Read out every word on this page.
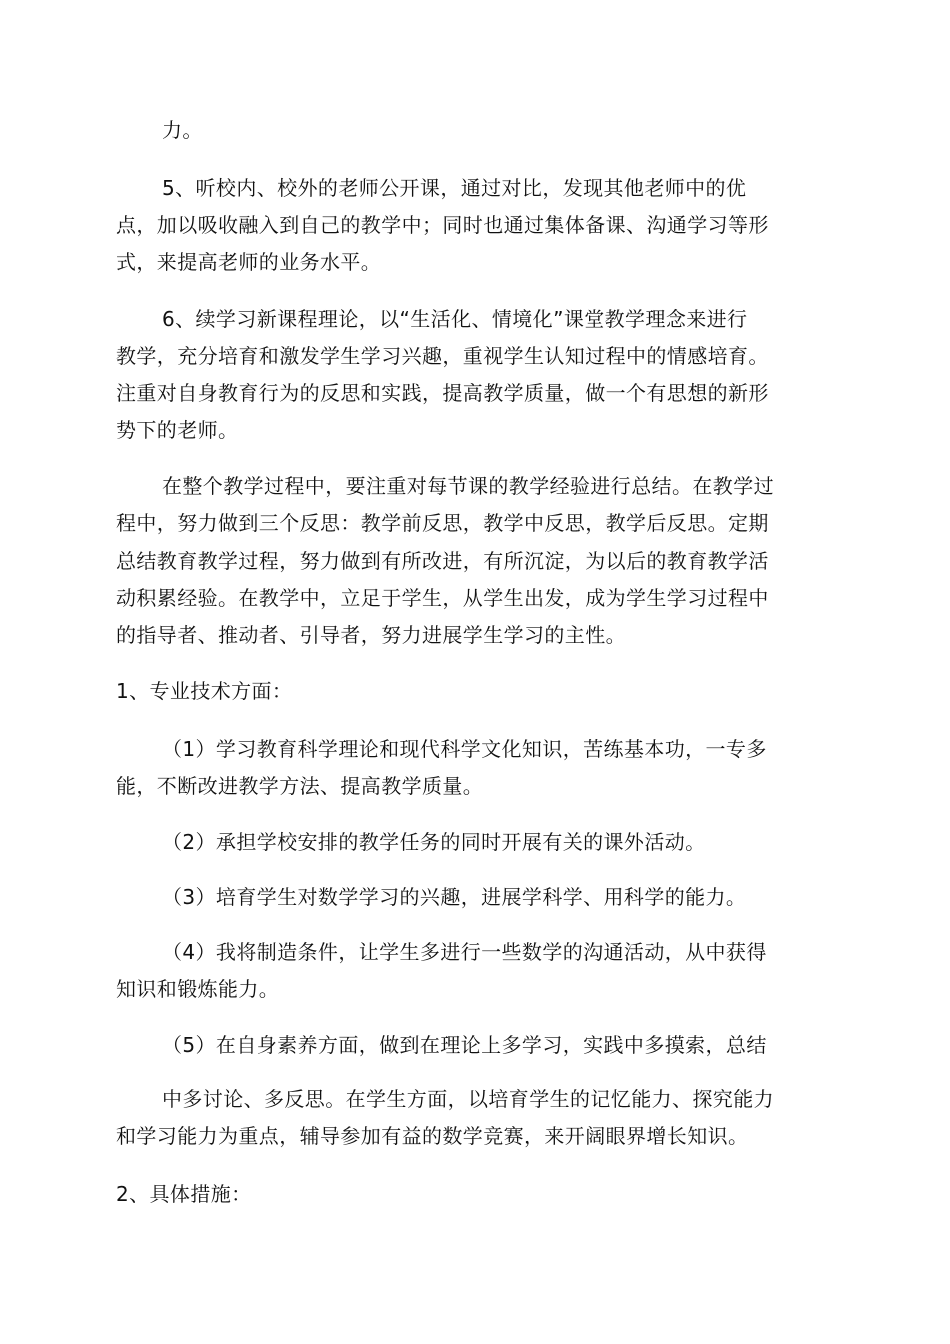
力。
5、听校内、校外的老师公开课，通过对比，发现其他老师中的优
点，加以吸收融入到自己的教学中；同时也通过集体备课、沟通学习等形
式，来提高老师的业务水平。
6、续学习新课程理论，以“生活化、情境化”课堂教学理念来进行
教学，充分培育和激发学生学习兴趣，重视学生认知过程中的情感培育。
注重对自身教育行为的反思和实践，提高教学质量，做一个有思想的新形
势下的老师。
在整个教学过程中，要注重对每节课的教学经验进行总结。在教学过
程中，努力做到三个反思：教学前反思，教学中反思，教学后反思。定期
总结教育教学过程，努力做到有所改进，有所沉淀，为以后的教育教学活
动积累经验。在教学中，立足于学生，从学生出发，成为学生学习过程中
的指导者、推动者、引导者，努力进展学生学习的主性。
1、专业技术方面：
（1）学习教育科学理论和现代科学文化知识，苦练基本功，一专多
能，不断改进教学方法、提高教学质量。
（2）承担学校安排的教学任务的同时开展有关的课外活动。
（3）培育学生对数学学习的兴趣，进展学科学、用科学的能力。
（4）我将制造条件，让学生多进行一些数学的沟通活动，从中获得
知识和锻炼能力。
（5）在自身素养方面，做到在理论上多学习，实践中多摸索，总结
中多讨论、多反思。在学生方面，以培育学生的记忆能力、探究能力
和学习能力为重点，辅导参加有益的数学竞赛，来开阔眼界增长知识。
2、具体措施：
